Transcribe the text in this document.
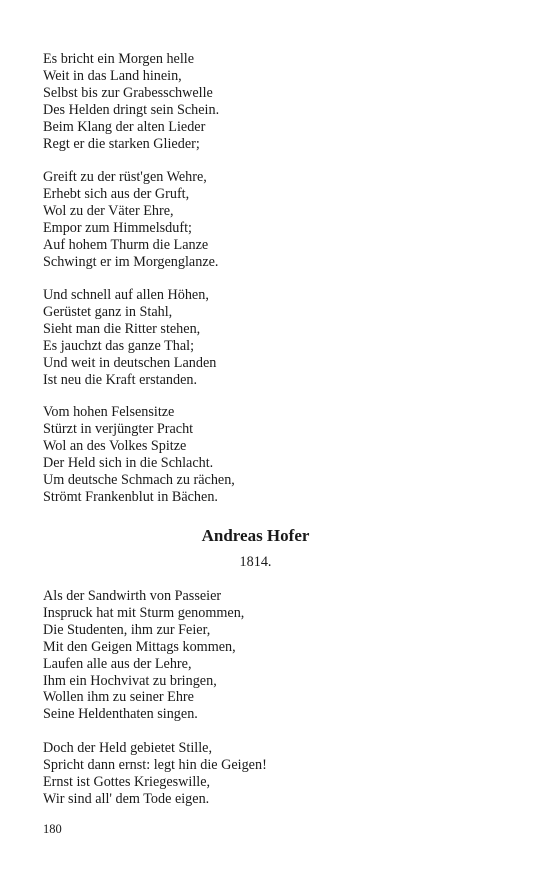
Es bricht ein Morgen helle
Weit in das Land hinein,
Selbst bis zur Grabesschwelle
Des Helden dringt sein Schein.
Beim Klang der alten Lieder
Regt er die starken Glieder;
Greift zu der rüst'gen Wehre,
Erhebt sich aus der Gruft,
Wol zu der Väter Ehre,
Empor zum Himmelsduft;
Auf hohem Thurm die Lanze
Schwingt er im Morgenglanze.
Und schnell auf allen Höhen,
Gerüstet ganz in Stahl,
Sieht man die Ritter stehen,
Es jauchzt das ganze Thal;
Und weit in deutschen Landen
Ist neu die Kraft erstanden.
Vom hohen Felsensitze
Stürzt in verjüngter Pracht
Wol an des Volkes Spitze
Der Held sich in die Schlacht.
Um deutsche Schmach zu rächen,
Strömt Frankenblut in Bächen.
Andreas Hofer
1814.
Als der Sandwirth von Passeier
Inspruck hat mit Sturm genommen,
Die Studenten, ihm zur Feier,
Mit den Geigen Mittags kommen,
Laufen alle aus der Lehre,
Ihm ein Hochvivat zu bringen,
Wollen ihm zu seiner Ehre
Seine Heldenthaten singen.
Doch der Held gebietet Stille,
Spricht dann ernst: legt hin die Geigen!
Ernst ist Gottes Kriegeswille,
Wir sind all' dem Tode eigen.
180
